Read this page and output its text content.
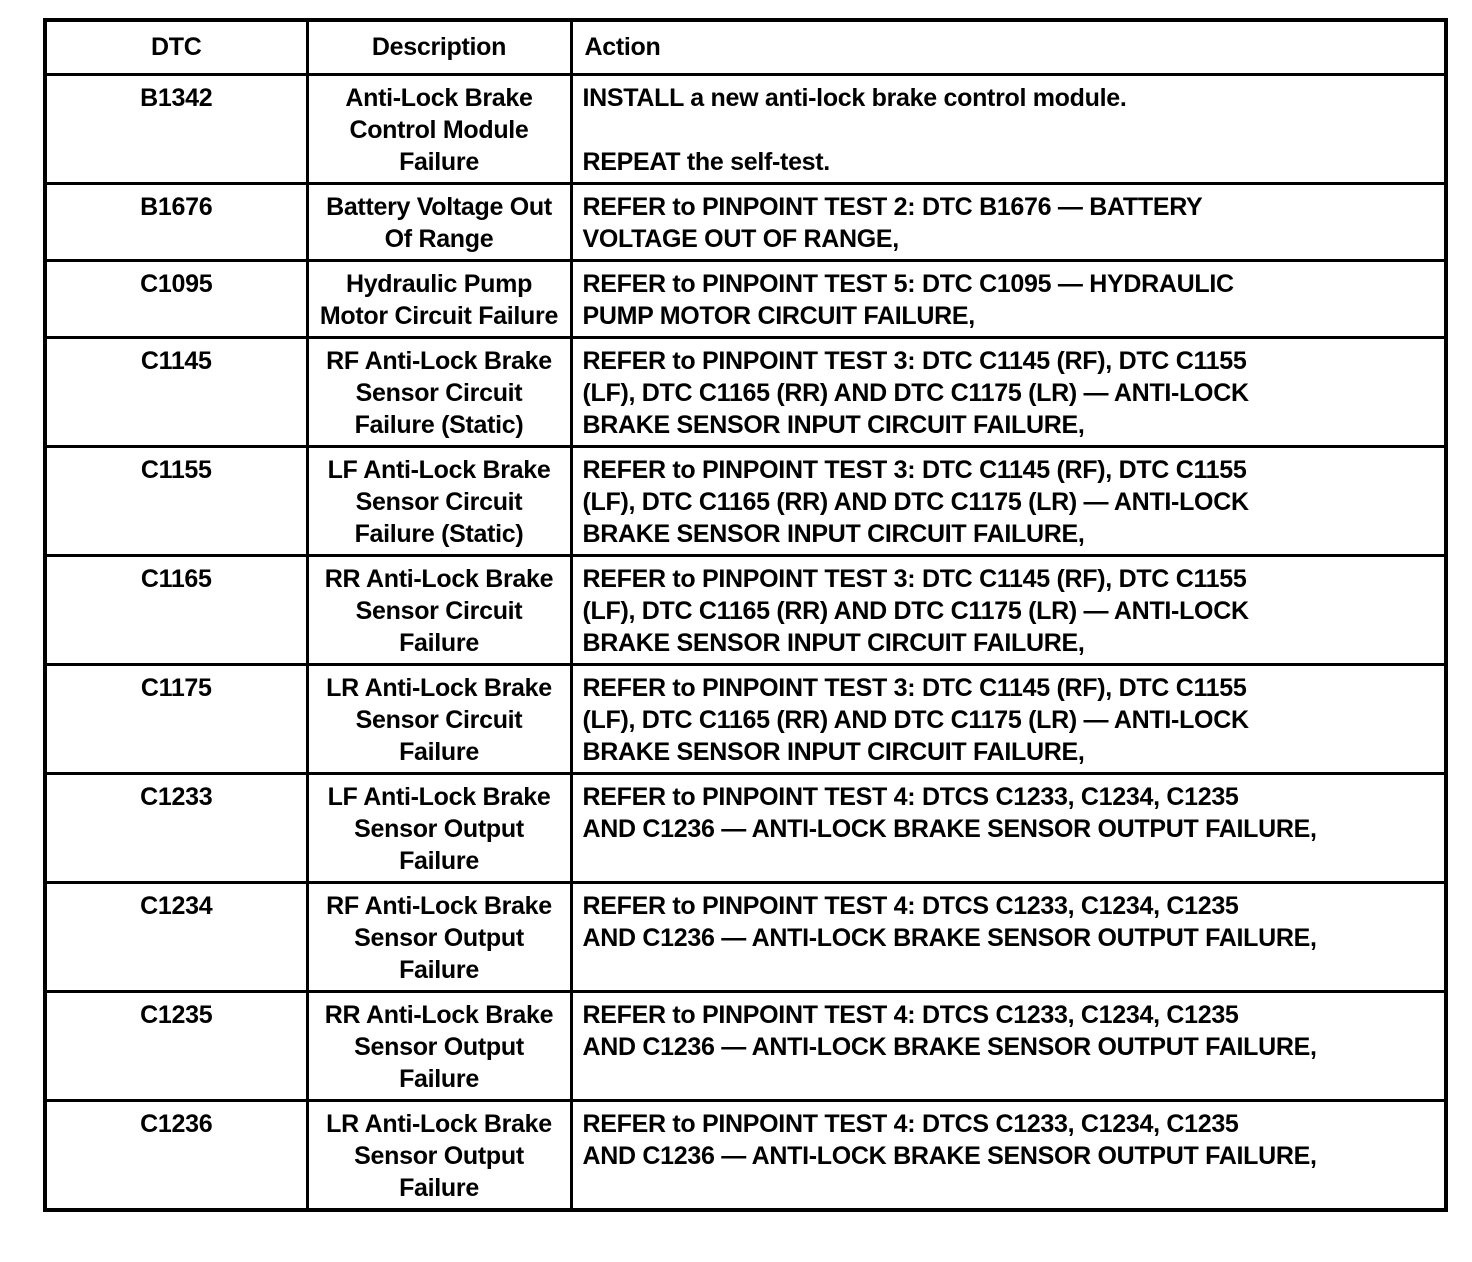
DTC	Description	Action
B1342	Anti-Lock Brake
Control Module
Failure	INSTALL a new anti-lock brake control module.

REPEAT the self-test.
B1676	Battery Voltage Out
Of Range	REFER to PINPOINT TEST 2: DTC B1676 — BATTERY
VOLTAGE OUT OF RANGE,
C1095	Hydraulic Pump
Motor Circuit Failure	REFER to PINPOINT TEST 5: DTC C1095 — HYDRAULIC
PUMP MOTOR CIRCUIT FAILURE,
C1145	RF Anti-Lock Brake
Sensor Circuit
Failure (Static)	REFER to PINPOINT TEST 3: DTC C1145 (RF), DTC C1155
(LF), DTC C1165 (RR) AND DTC C1175 (LR) — ANTI-LOCK
BRAKE SENSOR INPUT CIRCUIT FAILURE,
C1155	LF Anti-Lock Brake
Sensor Circuit
Failure (Static)	REFER to PINPOINT TEST 3: DTC C1145 (RF), DTC C1155
(LF), DTC C1165 (RR) AND DTC C1175 (LR) — ANTI-LOCK
BRAKE SENSOR INPUT CIRCUIT FAILURE,
C1165	RR Anti-Lock Brake
Sensor Circuit
Failure	REFER to PINPOINT TEST 3: DTC C1145 (RF), DTC C1155
(LF), DTC C1165 (RR) AND DTC C1175 (LR) — ANTI-LOCK
BRAKE SENSOR INPUT CIRCUIT FAILURE,
C1175	LR Anti-Lock Brake
Sensor Circuit
Failure	REFER to PINPOINT TEST 3: DTC C1145 (RF), DTC C1155
(LF), DTC C1165 (RR) AND DTC C1175 (LR) — ANTI-LOCK
BRAKE SENSOR INPUT CIRCUIT FAILURE,
C1233	LF Anti-Lock Brake
Sensor Output
Failure	REFER to PINPOINT TEST 4: DTCS C1233, C1234, C1235
AND C1236 — ANTI-LOCK BRAKE SENSOR OUTPUT FAILURE,
C1234	RF Anti-Lock Brake
Sensor Output
Failure	REFER to PINPOINT TEST 4: DTCS C1233, C1234, C1235
AND C1236 — ANTI-LOCK BRAKE SENSOR OUTPUT FAILURE,
C1235	RR Anti-Lock Brake
Sensor Output
Failure	REFER to PINPOINT TEST 4: DTCS C1233, C1234, C1235
AND C1236 — ANTI-LOCK BRAKE SENSOR OUTPUT FAILURE,
C1236	LR Anti-Lock Brake
Sensor Output
Failure	REFER to PINPOINT TEST 4: DTCS C1233, C1234, C1235
AND C1236 — ANTI-LOCK BRAKE SENSOR OUTPUT FAILURE,
